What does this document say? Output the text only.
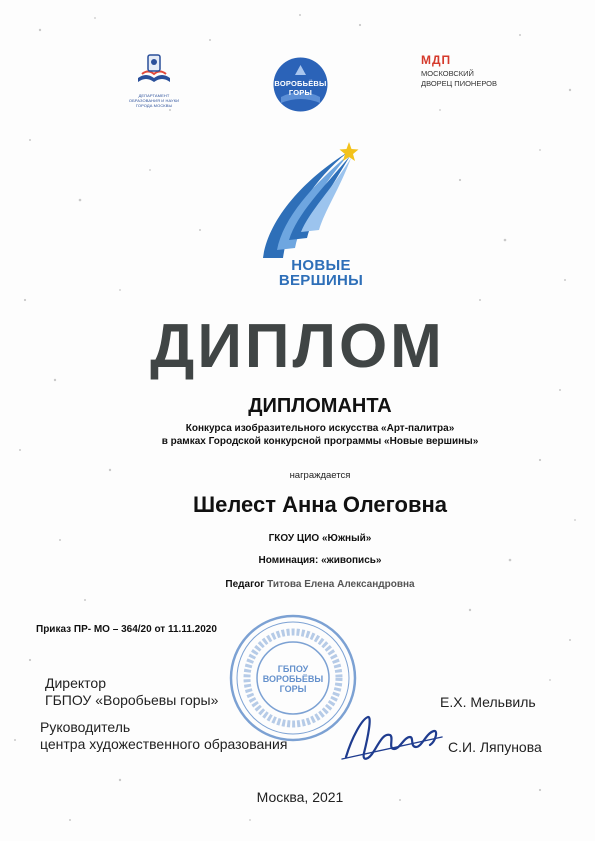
ДЕПАРТАМЕНТ ОБРАЗОВАНИЯ И НАУКИ ГОРОДА МОСКВЫ
ВОРОБЬЁВЫ ГОРЫ
МДП
МОСКОВСКИЙ ДВОРЕЦ ПИОНЕРОВ
НОВЫЕ
ВЕРШИНЫ
ДИПЛОМ
ДИПЛОМАНТА
Конкурса изобразительного искусства «Арт-палитра»
в рамках Городской конкурсной программы «Новые вершины»
награждается
Шелест Анна Олеговна
ГКОУ ЦИО «Южный»
Номинация: «живопись»
Педагог Титова Елена Александровна
Приказ ПР- МО – 364/20 от 11.11.2020
ГБПОУ ВОРОБЬЁВЫ ГОРЫ
Директор
ГБПОУ «Воробьевы горы»	Е.Х. Мельвиль
Руководитель
центра художественного образования	С.И. Ляпунова
Москва, 2021
